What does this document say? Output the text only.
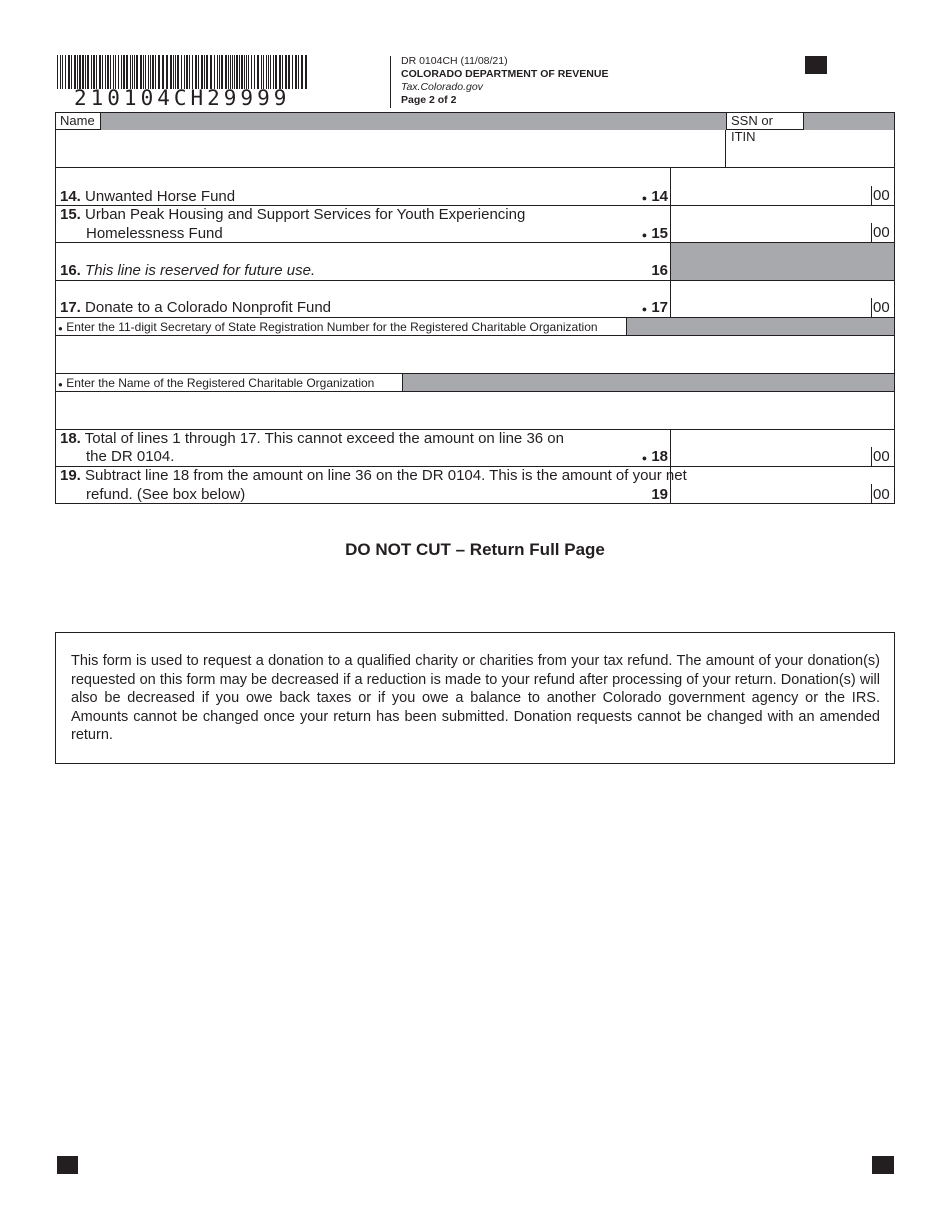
210104CH29999
DR 0104CH (11/08/21)
COLORADO DEPARTMENT OF REVENUE
Tax.Colorado.gov
Page 2 of 2
Name	SSN or ITIN
14. Unwanted Horse Fund	● 14	00
15. Urban Peak Housing and Support Services for Youth Experiencing
Homelessness Fund	● 15	00
16. This line is reserved for future use.	16
17. Donate to a Colorado Nonprofit Fund	● 17	00
● Enter the 11-digit Secretary of State Registration Number for the Registered Charitable Organization
● Enter the Name of the Registered Charitable Organization
18. Total of lines 1 through 17. This cannot exceed the amount on line 36 on
the DR 0104.	● 18	00
19. Subtract line 18 from the amount on line 36 on the DR 0104. This is the amount of your net
refund. (See box below)	19	00
DO NOT CUT – Return Full Page
This form is used to request a donation to a qualified charity or charities from your tax refund. The amount of your donation(s) requested on this form may be decreased if a reduction is made to your refund after processing of your return. Donation(s) will also be decreased if you owe back taxes or if you owe a balance to another Colorado government agency or the IRS. Amounts cannot be changed once your return has been submitted. Donation requests cannot be changed with an amended return.
